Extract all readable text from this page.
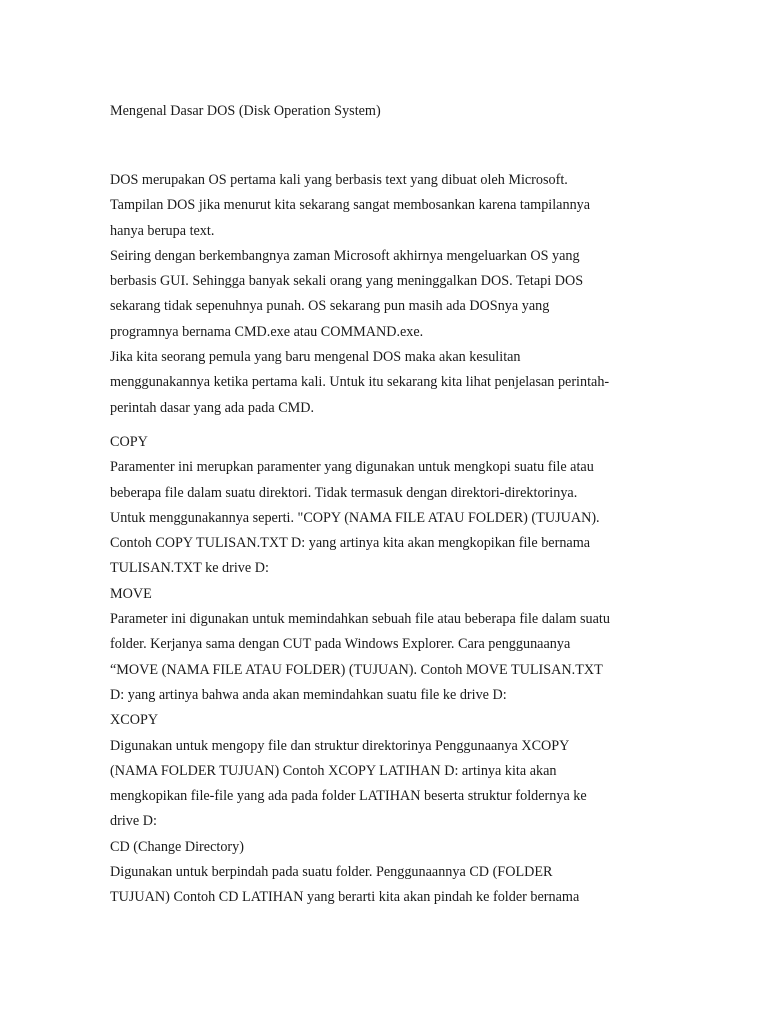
Mengenal Dasar DOS (Disk Operation System)
DOS merupakan OS pertama kali yang berbasis text yang dibuat oleh Microsoft.
Tampilan DOS jika menurut kita sekarang sangat membosankan karena tampilannya
hanya berupa text.
Seiring dengan berkembangnya zaman Microsoft akhirnya mengeluarkan OS yang
berbasis GUI. Sehingga banyak sekali orang yang meninggalkan DOS. Tetapi DOS
sekarang tidak sepenuhnya punah. OS sekarang pun masih ada DOSnya yang
programnya bernama CMD.exe atau COMMAND.exe.
Jika kita seorang pemula yang baru mengenal DOS maka akan kesulitan
menggunakannya ketika pertama kali. Untuk itu sekarang kita lihat penjelasan perintah-
perintah dasar yang ada pada CMD.
COPY
Paramenter ini merupkan paramenter yang digunakan untuk mengkopi suatu file atau
beberapa file dalam suatu direktori. Tidak termasuk dengan direktori-direktorinya.
Untuk menggunakannya seperti. "COPY (NAMA FILE ATAU FOLDER) (TUJUAN).
Contoh COPY TULISAN.TXT D: yang artinya kita akan mengkopikan file bernama
TULISAN.TXT ke drive D:
MOVE
Parameter ini digunakan untuk memindahkan sebuah file atau beberapa file dalam suatu
folder. Kerjanya sama dengan CUT pada Windows Explorer. Cara penggunaanya
“MOVE (NAMA FILE ATAU FOLDER) (TUJUAN). Contoh MOVE TULISAN.TXT
D: yang artinya bahwa anda akan memindahkan suatu file ke drive D:
XCOPY
Digunakan untuk mengopy file dan struktur direktorinya Penggunaanya XCOPY
(NAMA FOLDER TUJUAN) Contoh XCOPY LATIHAN D: artinya kita akan
mengkopikan file-file yang ada pada folder LATIHAN beserta struktur foldernya ke
drive D:
CD (Change Directory)
Digunakan untuk berpindah pada suatu folder. Penggunaannya CD (FOLDER
TUJUAN) Contoh CD LATIHAN yang berarti kita akan pindah ke folder bernama
